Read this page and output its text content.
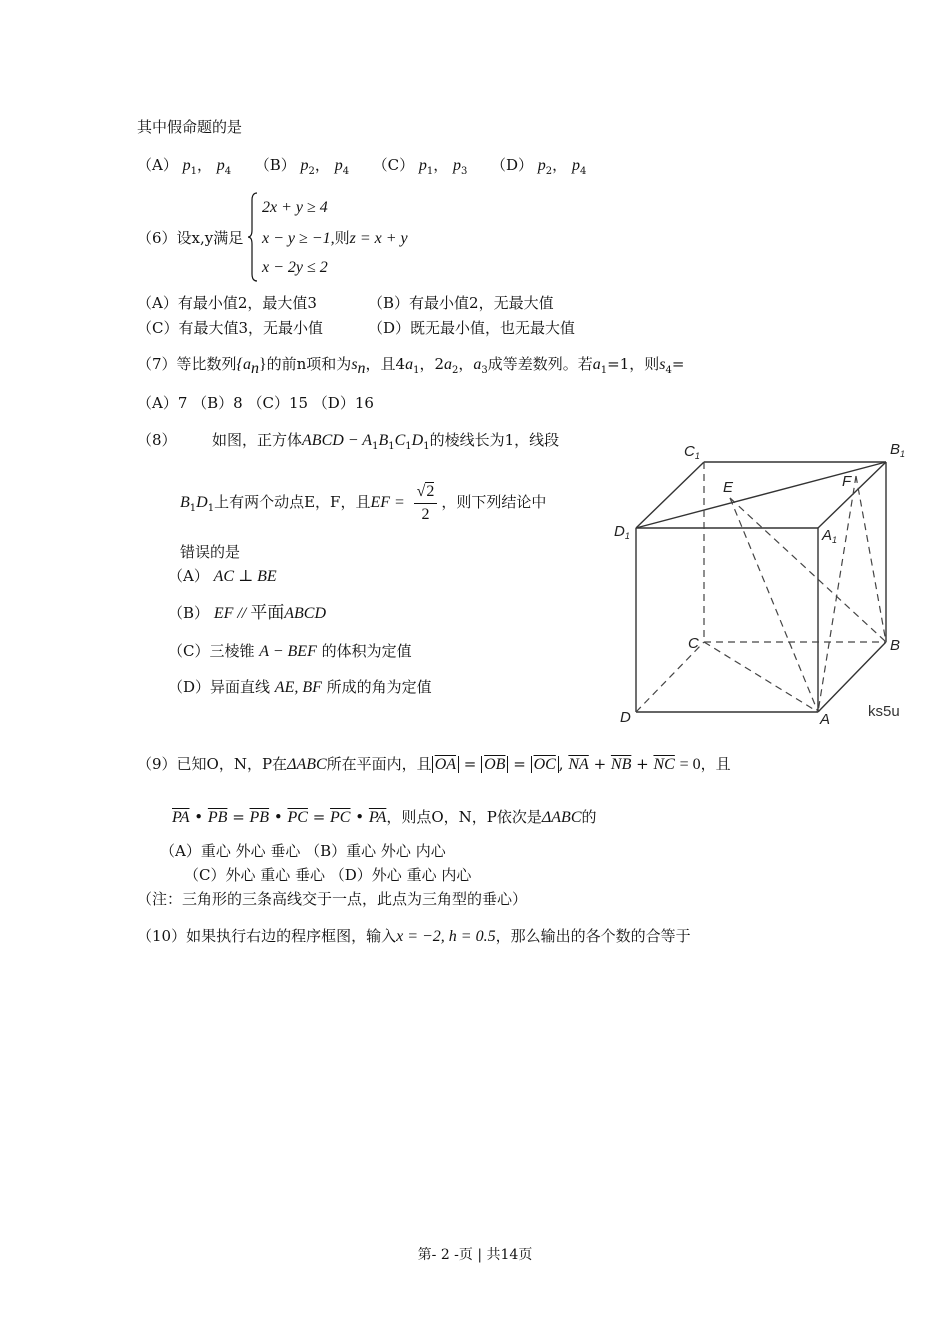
其中假命题的是
（A） $p_1$， $p_4$ （B） $p_2$， $p_4$ （C） $p_1$， $p_3$ （D） $p_2$， $p_4$
（6）设x,y满足
2x + y ≥ 4
x − y ≥ −1,则z = x + y
x − 2y ≤ 2
（A）有最小值2，最大值3	（B）有最小值2，无最大值
（C）有最大值3，无最小值	（D）既无最小值，也无最大值
（7）等比数列$\{a_n\}$的前n项和为$s_n$，且$4a_1$，$2a_2$，$a_3$成等差数列。若$a_1=1$，则$s_4=$
（A）7 （B）8 （C）15 （D）16
（8） 如图，正方体ABCD − $A_1B_1C_1D_1$的棱线长为1，线段
$B_1D_1$上有两个动点E，F，且EF = $\frac{√2}{2}$ ，则下列结论中
错误的是
（A） AC ⊥ BE
（B） EF // 平面ABCD
（C）三棱锥 A − BEF 的体积为定值
（D）异面直线 AE, BF 所成的角为定值
$C_1$	$B_1$
E	F
$D_1$	$A_1$
C	B
D	A	ks5u
（9）已知O，N，P在ΔABC所在平面内，且 $\overline{OA} = \overline{OB} = \overline{OC}$ , $\overline{NA} + \overline{NB} + \overline{NC} = 0$，且
$\overline{PA}$ • $\overline{PB} = \overline{PB}$ • $\overline{PC} = \overline{PC}$ • $\overline{PA}$，则点O，N，P依次是ΔABC的
（A）重心 外心 垂心 （B）重心 外心 内心
（C）外心 重心 垂心 （D）外心 重心 内心
（注：三角形的三条高线交于一点，此点为三角型的垂心）
（10）如果执行右边的程序框图，输入x = −2, h = 0.5，那么输出的各个数的合等于
第- 2 -页 | 共14页
